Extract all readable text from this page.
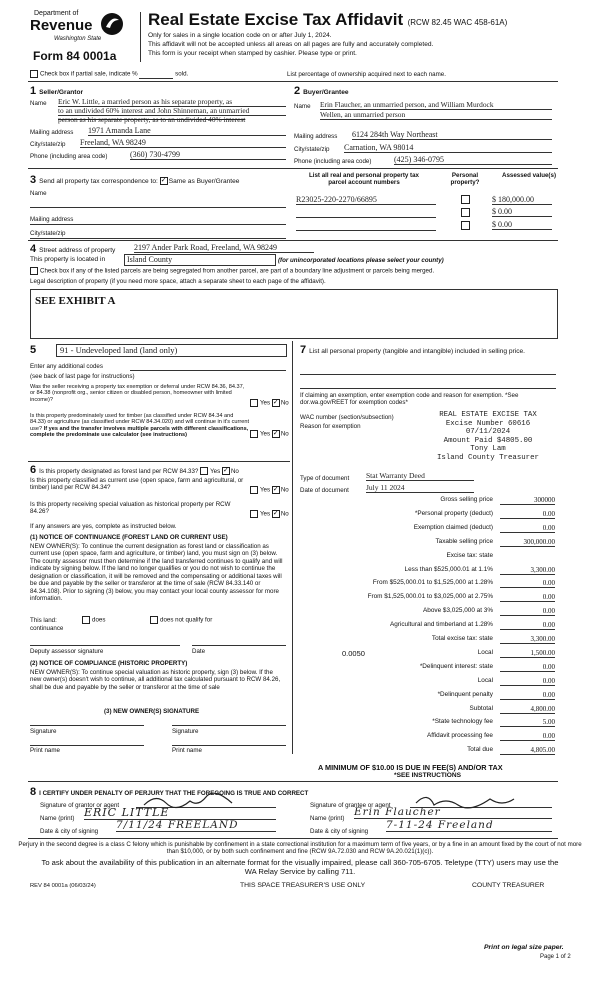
Department of
Revenue
Washington State
Form 84 0001a
Real Estate Excise Tax Affidavit (RCW 82.45 WAC 458-61A)
Only for sales in a single location code on or after July 1, 2024.
This affidavit will not be accepted unless all areas on all pages are fully and accurately completed.
This form is your receipt when stamped by cashier. Please type or print.
Check box if partial sale, indicate %	sold.	List percentage of ownership acquired next to each name.
1 Seller/Grantor
Name Eric W. Little, a married person as his separate property, as
to an undivided 60% interest and John Shinneman, an unmarried
person as his separate property, as to an undivided 40% interest
Mailing address 1971 Amanda Lane
City/state/zip Freeland, WA 98249
Phone (including area code)	(360) 730-4799
2 Buyer/Grantee
Name Erin Flaucher, an unmarried person, and William Murdock
Wellen, an unmarried person
Mailing address 6124 284th Way Northeast
City/state/zip Carnation, WA 98014
Phone (including area code)	(425) 346-0795
3 Send all property tax correspondence to: ✓ Same as Buyer/Grantee
Name
Mailing address
City/state/zip
List all real and personal property tax parcel account numbers
Personal property?
Assessed value(s)
R23025-220-2270/66895	$ 180,000.00
$ 0.00
$ 0.00
4 Street address of property 2197 Ander Park Road, Freeland, WA 98249
This property is located in	Island County	(for unincorporated locations please select your county)
Check box if any of the listed parcels are being segregated from another parcel, are part of a boundary line adjustment or parcels being merged.
Legal description of property (if you need more space, attach a separate sheet to each page of the affidavit).
SEE EXHIBIT A
5	91 - Undeveloped land (land only)
Enter any additional codes
(see back of last page for instructions)
Was the seller receiving a property tax exemption or deferral under RCW 84.36, 84.37, or 84.38 (nonprofit org., senior citizen or disabled person, homeowner with limited income)?	Yes ✓ No
Is this property predominately used for timber (as classified under RCW 84.34 and 84.33) or agriculture (as classified under RCW 84.34.020) and will continue in it's current use? If yes and the transfer involves multiple parcels with different classifications, complete the predominate use calculator (see instructions)	Yes ✓ No
6 Is this property designated as forest land per RCW 84.33? Yes ✓ No
Is this property classified as current use (open space, farm and agricultural, or timber) land per RCW 84.34?	Yes ✓ No
Is this property receiving special valuation as historical property per RCW 84.26?	Yes ✓ No
If any answers are yes, complete as instructed below.
(1) NOTICE OF CONTINUANCE (FOREST LAND OR CURRENT USE)
NEW OWNER(S): To continue the current designation as forest land or classification as current use (open space, farm and agriculture, or timber) land, you must sign on (3) below. The county assessor must then determine if the land transferred continues to qualify and will indicate by signing below. If the land no longer qualifies or you do not wish to continue the designation or classification, it will be removed and the compensating or additional taxes will be due and payable by the seller or transferor at the time of sale (RCW 84.33.140 or 84.34.108). Prior to signing (3) below, you may contact your local county assessor for more information.
This land:
continuance
does	does not qualify for
Deputy assessor signature	Date
(2) NOTICE OF COMPLIANCE (HISTORIC PROPERTY)
NEW OWNER(S): To continue special valuation as historic property, sign (3) below. If the new owner(s) doesn't wish to continue, all additional tax calculated pursuant to RCW 84.26, shall be due and payable by the seller or transferor at the time of sale
(3) NEW OWNER(S) SIGNATURE
Signature	Signature
Print name	Print name
7 List all personal property (tangible and intangible) included in selling price.
If claiming an exemption, enter exemption code and reason for exemption. *See dor.wa.gov/REET for exemption codes*
WAC number (section/subsection)
Reason for exemption
REAL ESTATE EXCISE TAX
Excise Number 60616
07/11/2024
Amount Paid $4805.00
Tony Lam
Island County Treasurer
Type of document Stat Warranty Deed
Date of document July 11 2024
Gross selling price	300000
*Personal property (deduct)	0.00
Exemption claimed (deduct)	0.00
Taxable selling price	300,000.00
Excise tax: state
Less than $525,000.01 at 1.1%	3,300.00
From $525,000.01 to $1,525,000 at 1.28%	0.00
From $1,525,000.01 to $3,025,000 at 2.75%	0.00
Above $3,025,000 at 3%	0.00
Agricultural and timberland at 1.28%	0.00
Total excise tax: state	3,300.00
Local
0.0050	1,500.00
*Delinquent interest: state	0.00
Local	0.00
*Delinquent penalty	0.00
Subtotal	4,800.00
*State technology fee	5.00
Affidavit processing fee	0.00
Total due	4,805.00
A MINIMUM OF $10.00 IS DUE IN FEE(S) AND/OR TAX
*SEE INSTRUCTIONS
8 I CERTIFY UNDER PENALTY OF PERJURY THAT THE FOREGOING IS TRUE AND CORRECT
Signature of grantor or agent
Name (print) ERIC LITTLE
Date & city of signing
7/11/24 FREELAND
Signature of grantee or agent
Name (print)
Erin Flaucher
Date & city of signing
7-11-24 Freeland
Perjury in the second degree is a class C felony which is punishable by confinement in a state correctional institution for a maximum term of five years, or by a fine in an amount fixed by the court of not more than $10,000, or by both such confinement and fine (RCW 9A.72.030 and RCW 9A.20.021(1)(c)).
To ask about the availability of this publication in an alternate format for the visually impaired, please call 360-705-6705. Teletype (TTY) users may use the WA Relay Service by calling 711.
REV 84 0001a (06/03/24)	THIS SPACE TREASURER'S USE ONLY	COUNTY TREASURER
Print on legal size paper.
Page 1 of 2
